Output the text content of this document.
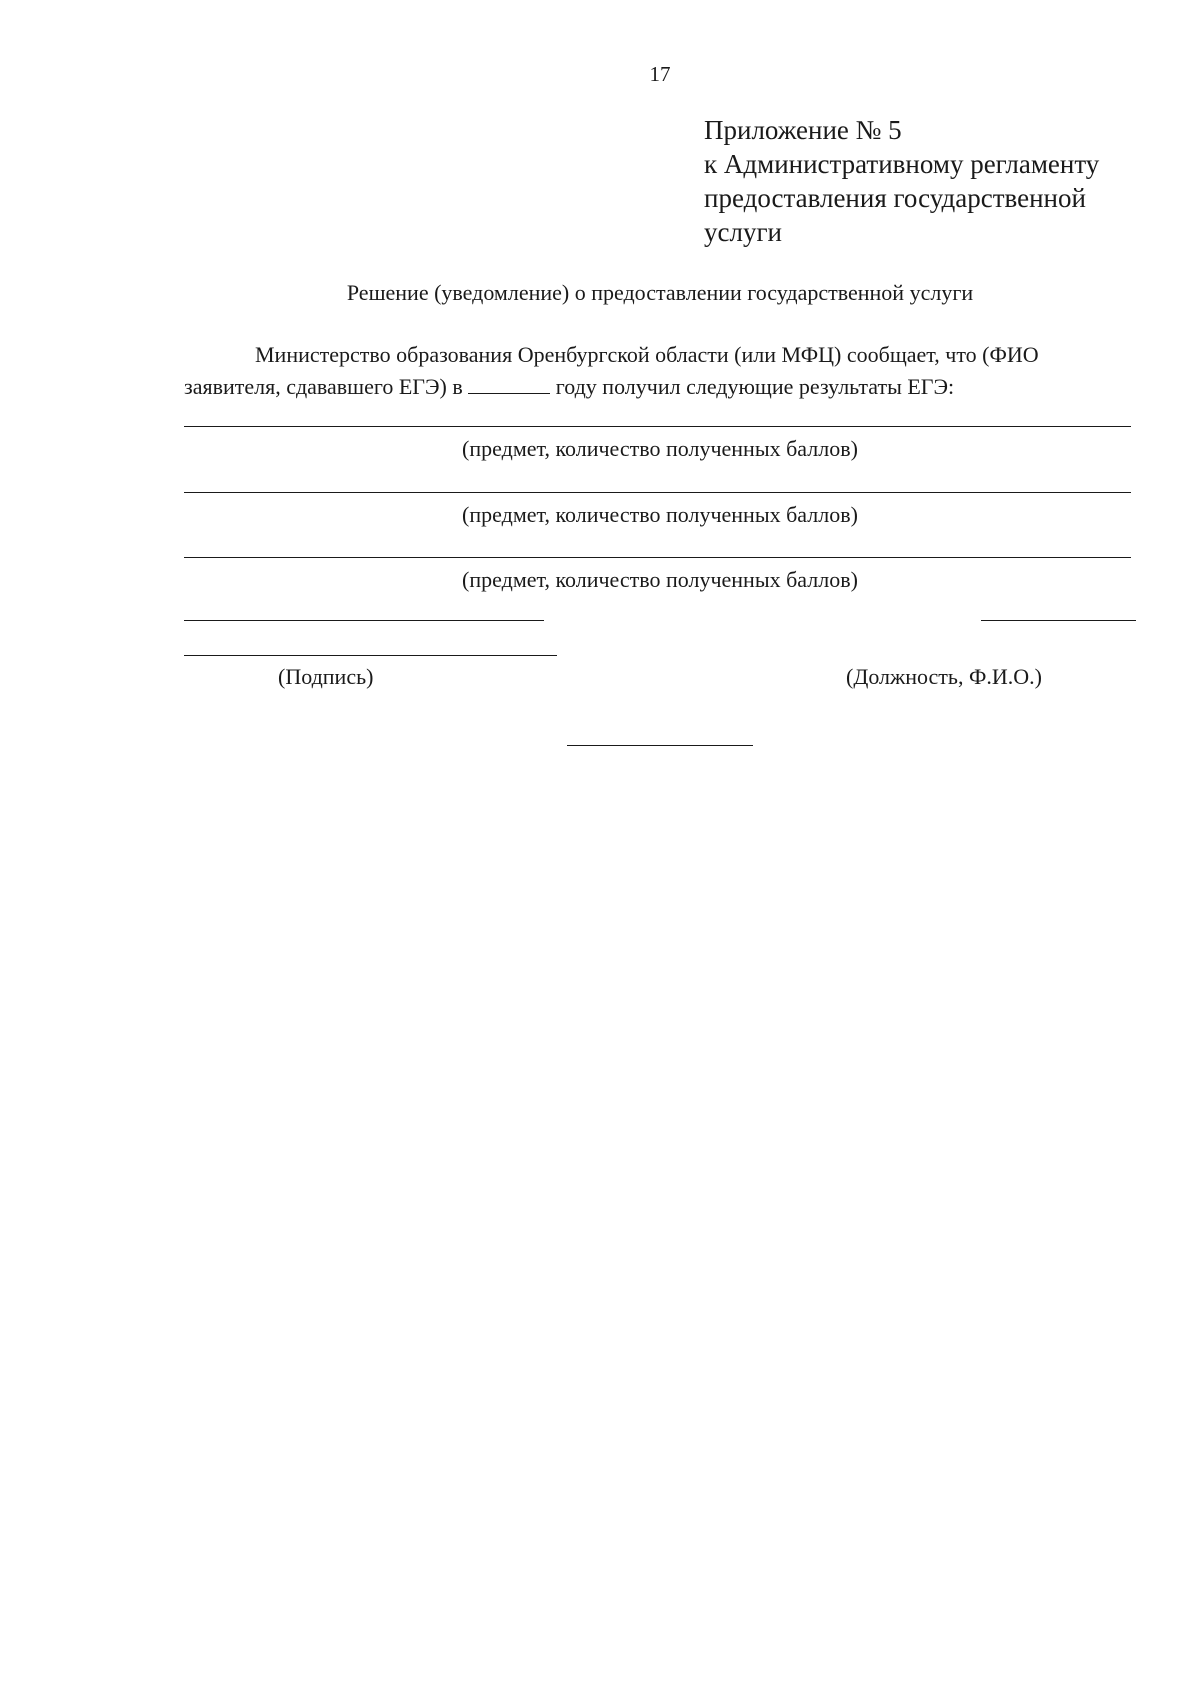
17
Приложение № 5
к Административному регламенту
предоставления государственной
услуги
Решение (уведомление) о предоставлении государственной услуги
Министерство образования Оренбургской области (или МФЦ) сообщает, что (ФИО
заявителя, сдававшего ЕГЭ) в	году получил следующие результаты ЕГЭ:
(предмет, количество полученных баллов)
(предмет, количество полученных баллов)
(предмет, количество полученных баллов)
(Подпись)	(Должность, Ф.И.О.)
